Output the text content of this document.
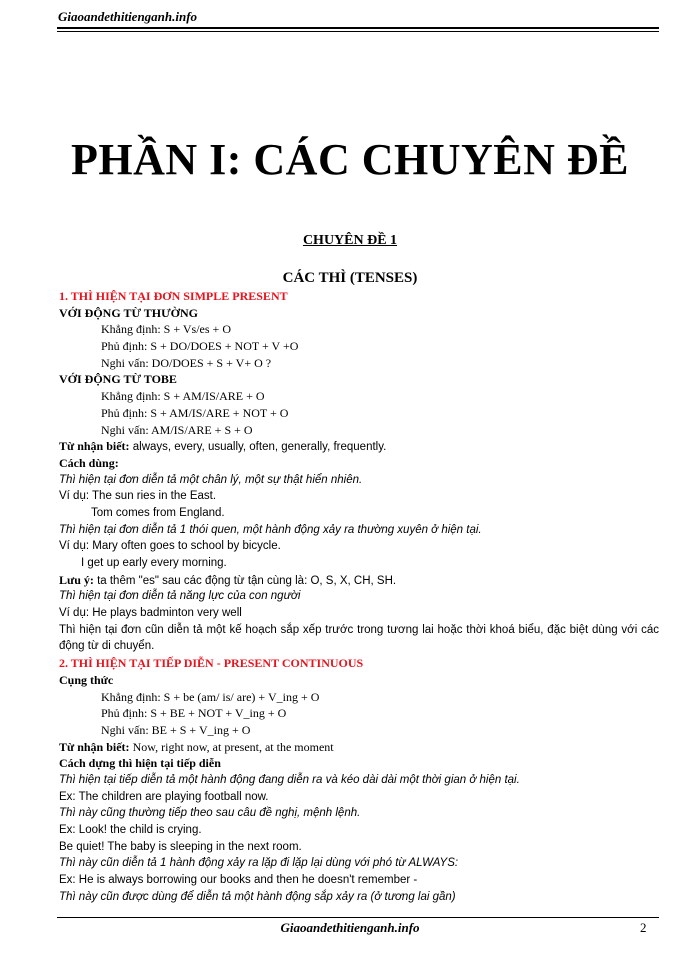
Giaoandethitienganh.info
PHẦN I: CÁC CHUYÊN ĐỀ
CHUYÊN ĐỀ 1
CÁC THÌ (TENSES)
1. THÌ HIỆN TẠI ĐƠN SIMPLE PRESENT
VỚI ĐỘNG TỪ THƯỜNG
Khẳng định: S + Vs/es + O
Phủ định: S + DO/DOES + NOT + V +O
Nghi vấn: DO/DOES + S + V+ O ?
VỚI ĐỘNG TỪ TOBE
Khẳng định: S + AM/IS/ARE + O
Phủ định: S + AM/IS/ARE + NOT + O
Nghi vấn: AM/IS/ARE + S + O
Từ nhận biết: always, every, usually, often, generally, frequently.
Cách dùng:
Thì hiện tại đơn diễn tả một chân lý, một sự thật hiển nhiên.
Ví dụ: The sun ries in the East.
Tom comes from England.
Thì hiện tại đơn diễn tả 1 thói quen, một hành động xảy ra thường xuyên ở hiện tại.
Ví dụ: Mary often goes to school by bicycle.
I get up early every morning.
Lưu ý: ta thêm "es" sau các động từ tận cùng là: O, S, X, CH, SH.
Thì hiện tại đơn diễn tả năng lực của con người
Ví dụ: He plays badminton very well
Thì hiện tại đơn cũn diễn tả một kế hoạch sắp xếp trước trong tương lai hoặc thời khoá biểu, đặc biệt dùng với các động từ di chuyển.
2. THÌ HIỆN TẠI TIẾP DIỄN - PRESENT CONTINUOUS
Cụng thức
Khẳng định: S + be (am/ is/ are) + V_ing + O
Phủ định: S + BE + NOT + V_ing + O
Nghi vấn: BE + S + V_ing + O
Từ nhận biết: Now, right now, at present, at the moment
Cách dựng thì hiện tại tiếp diễn
Thì hiện tại tiếp diễn tả một hành động đang diễn ra và kéo dài dài một thời gian ở hiện tại.
Ex: The children are playing football now.
Thì này cũng thường tiếp theo sau câu đề nghị, mệnh lệnh.
Ex: Look! the child is crying.
Be quiet! The baby is sleeping in the next room.
Thì này cũn diễn tả 1 hành động xảy ra lặp đi lặp lại dùng với phó từ ALWAYS:
Ex: He is always borrowing our books and then he doesn't remember -
Thì này cũn được dùng để diễn tả một hành động sắp xảy ra (ở tương lai gần)
Giaoandethitienganh.info	2
